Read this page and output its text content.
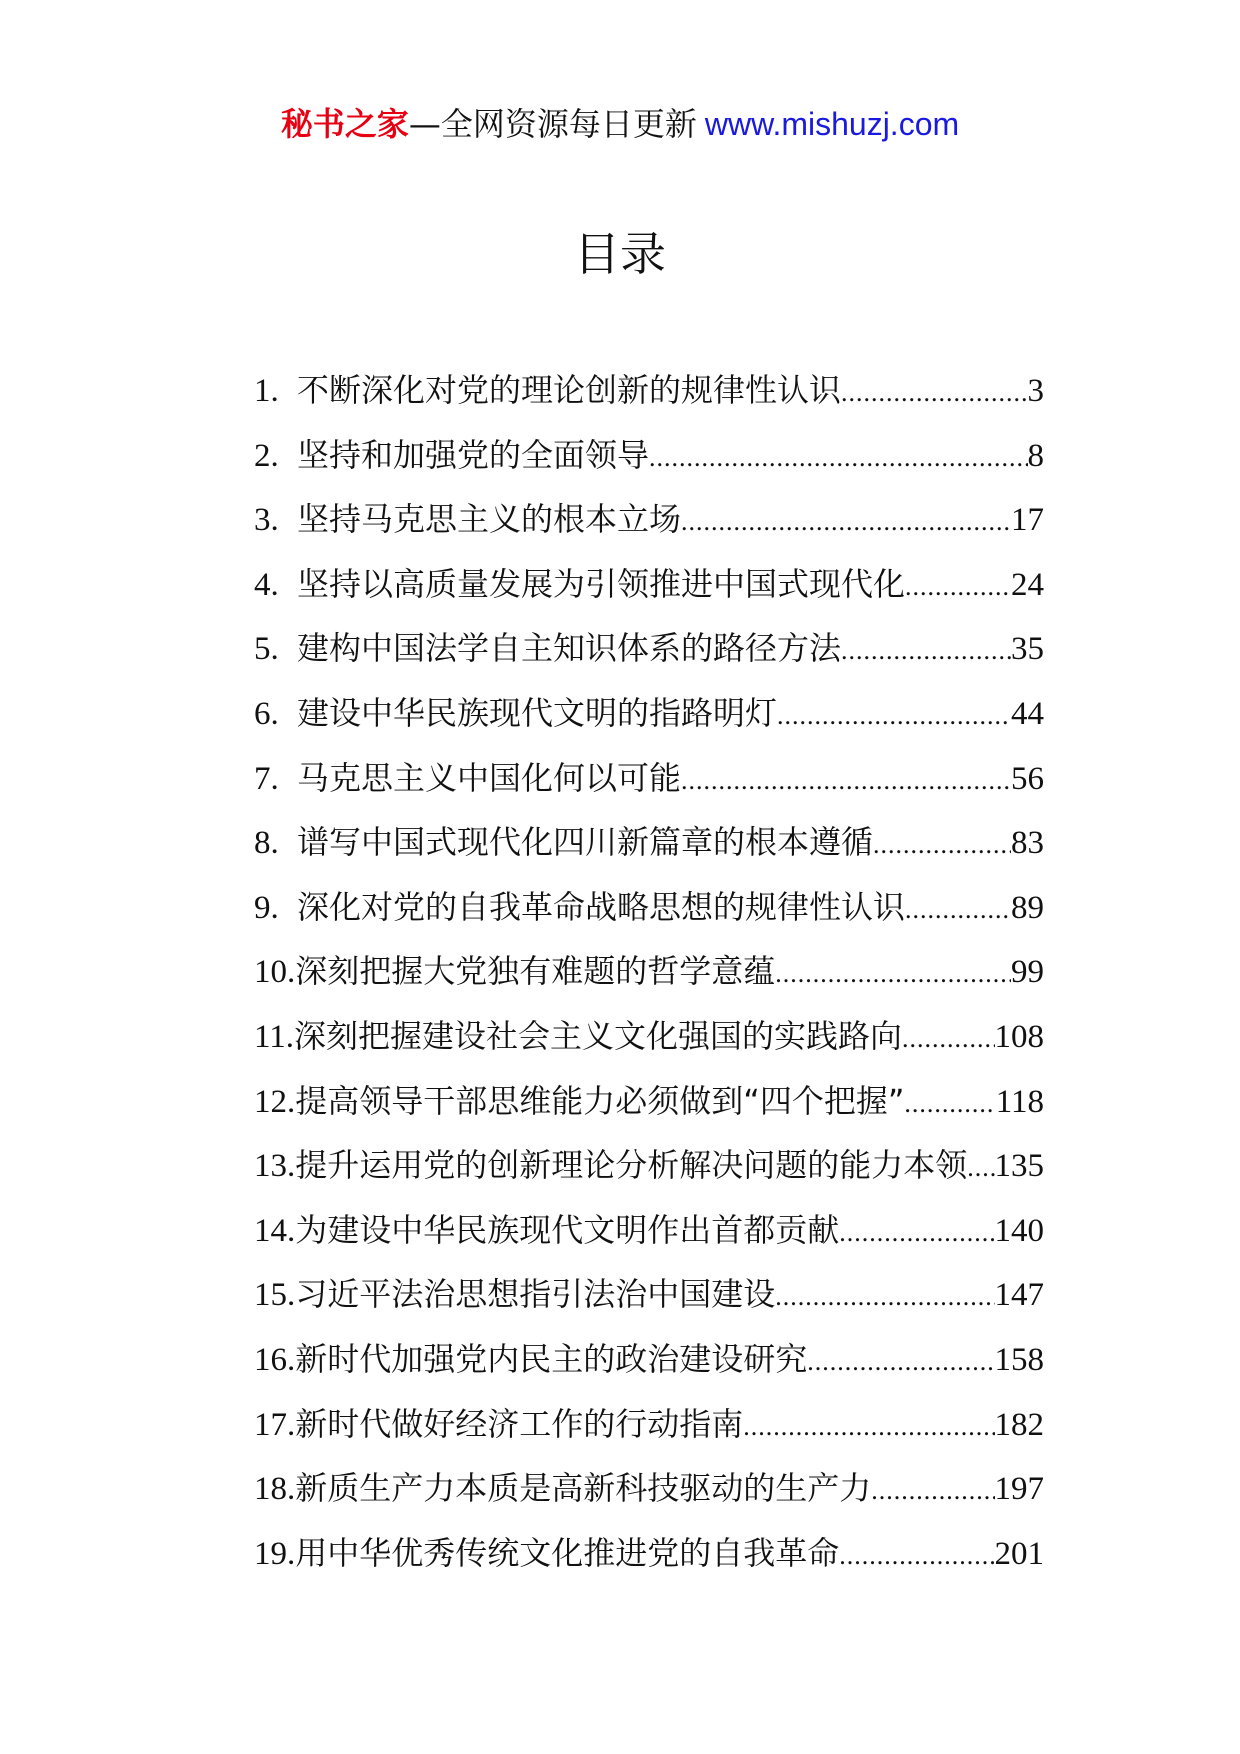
秘书之家—全网资源每日更新 www.mishuzj.com
目录
1. 不断深化对党的理论创新的规律性认识 .....	3
2. 坚持和加强党的全面领导 .....	8
3. 坚持马克思主义的根本立场 .....	17
4. 坚持以高质量发展为引领推进中国式现代化 .....	24
5. 建构中国法学自主知识体系的路径方法 .....	35
6. 建设中华民族现代文明的指路明灯 .....	44
7. 马克思主义中国化何以可能 .....	56
8. 谱写中国式现代化四川新篇章的根本遵循 .....	83
9. 深化对党的自我革命战略思想的规律性认识 .....	89
10. 深刻把握大党独有难题的哲学意蕴 .....	99
11. 深刻把握建设社会主义文化强国的实践路向 .....	108
12. 提高领导干部思维能力必须做到“四个把握” .....	118
13. 提升运用党的创新理论分析解决问题的能力本领 ..... 135
14. 为建设中华民族现代文明作出首都贡献 .....	140
15. 习近平法治思想指引法治中国建设 .....	147
16. 新时代加强党内民主的政治建设研究 .....	158
17. 新时代做好经济工作的行动指南 .....	182
18. 新质生产力本质是高新科技驱动的生产力 .....	197
19. 用中华优秀传统文化推进党的自我革命 .....	201
